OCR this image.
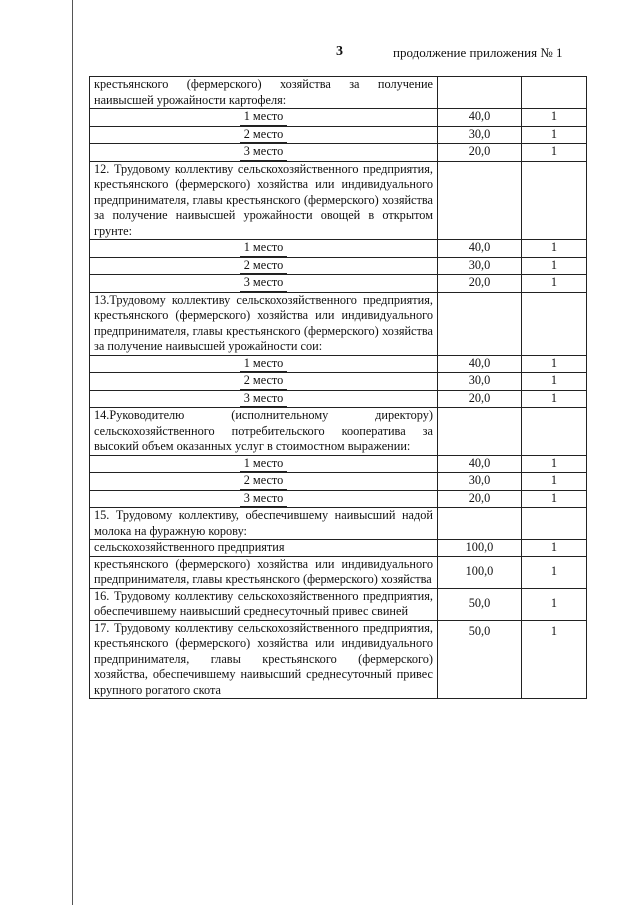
3	продолжение приложения № 1
крестьянского (фермерского) хозяйства за получение наивысшей урожайности картофеля:		
1 место	40,0	1
2 место	30,0	1
3 место	20,0	1
12. Трудовому коллективу сельскохозяйственного предприятия, крестьянского (фермерского) хозяйства или индивидуального предпринимателя, главы крестьянского (фермерского) хозяйства за получение наивысшей урожайности овощей в открытом грунте:		
1 место	40,0	1
2 место	30,0	1
3 место	20,0	1
13.Трудовому коллективу сельскохозяйственного предприятия, крестьянского (фермерского) хозяйства или индивидуального предпринимателя, главы крестьянского (фермерского) хозяйства за получение наивысшей урожайности сои:		
1 место	40,0	1
2 место	30,0	1
3 место	20,0	1
14.Руководителю (исполнительному директору) сельскохозяйственного потребительского кооператива за высокий объем оказанных услуг в стоимостном выражении:		
1 место	40,0	1
2 место	30,0	1
3 место	20,0	1
15. Трудовому коллективу, обеспечившему наивысший надой молока на фуражную корову:		
сельскохозяйственного предприятия	100,0	1
крестьянского (фермерского) хозяйства или индивидуального предпринимателя, главы крестьянского (фермерского) хозяйства	100,0	1
16. Трудовому коллективу сельскохозяйственного предприятия, обеспечившему наивысший среднесуточный привес свиней	50,0	1
17. Трудовому коллективу сельскохозяйственного предприятия, крестьянского (фермерского) хозяйства или индивидуального предпринимателя, главы крестьянского (фермерского) хозяйства, обеспечившему наивысший среднесуточный привес крупного рогатого скота	50,0	1
